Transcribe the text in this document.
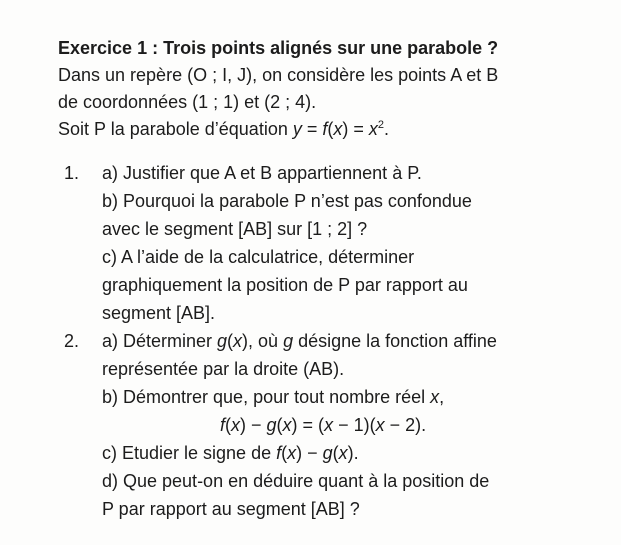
Exercice 1 : Trois points alignés sur une parabole ?
Dans un repère (O ; I, J), on considère les points A et B
de coordonnées (1 ; 1) et (2 ; 4).
Soit P la parabole d’équation $y = f(x) = x^2$.
1. a) Justifier que A et B appartiennent à P.
b) Pourquoi la parabole P n’est pas confondue
avec le segment [AB] sur [1 ; 2] ?
c) A l’aide de la calculatrice, déterminer
graphiquement la position de P par rapport au
segment [AB].
2. a) Déterminer g(x), où g désigne la fonction affine
représentée par la droite (AB).
b) Démontrer que, pour tout nombre réel x,
f(x) − g(x) = (x − 1)(x − 2).
c) Etudier le signe de f(x) − g(x).
d) Que peut-on en déduire quant à la position de
P par rapport au segment [AB] ?
